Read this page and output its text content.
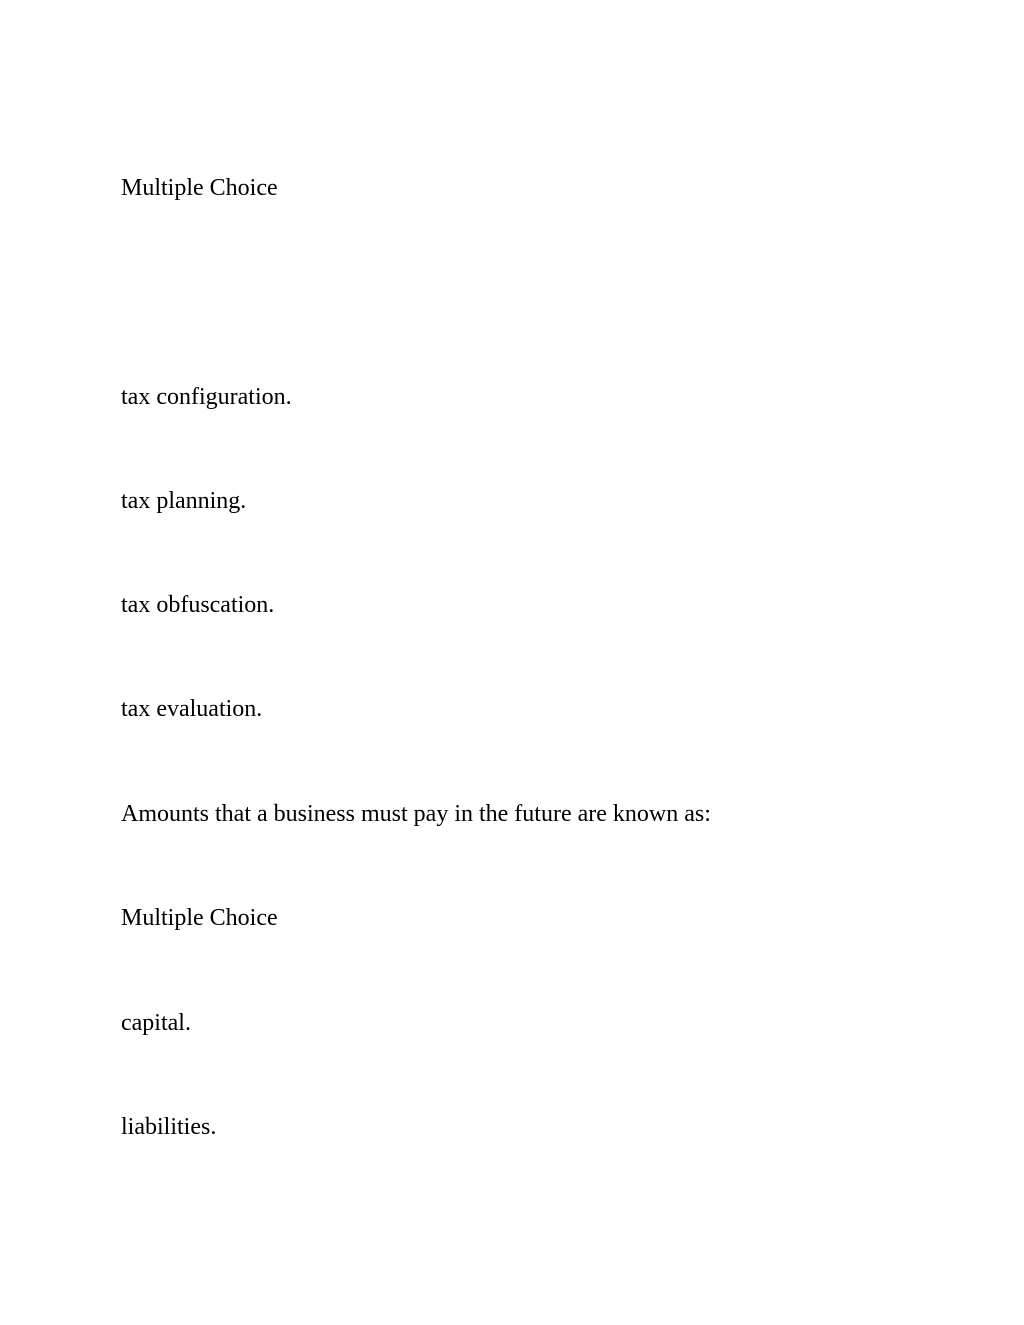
Multiple Choice

tax configuration.

tax planning.

tax obfuscation.

tax evaluation.

Amounts that a business must pay in the future are known as:

Multiple Choice

capital.

liabilities.
